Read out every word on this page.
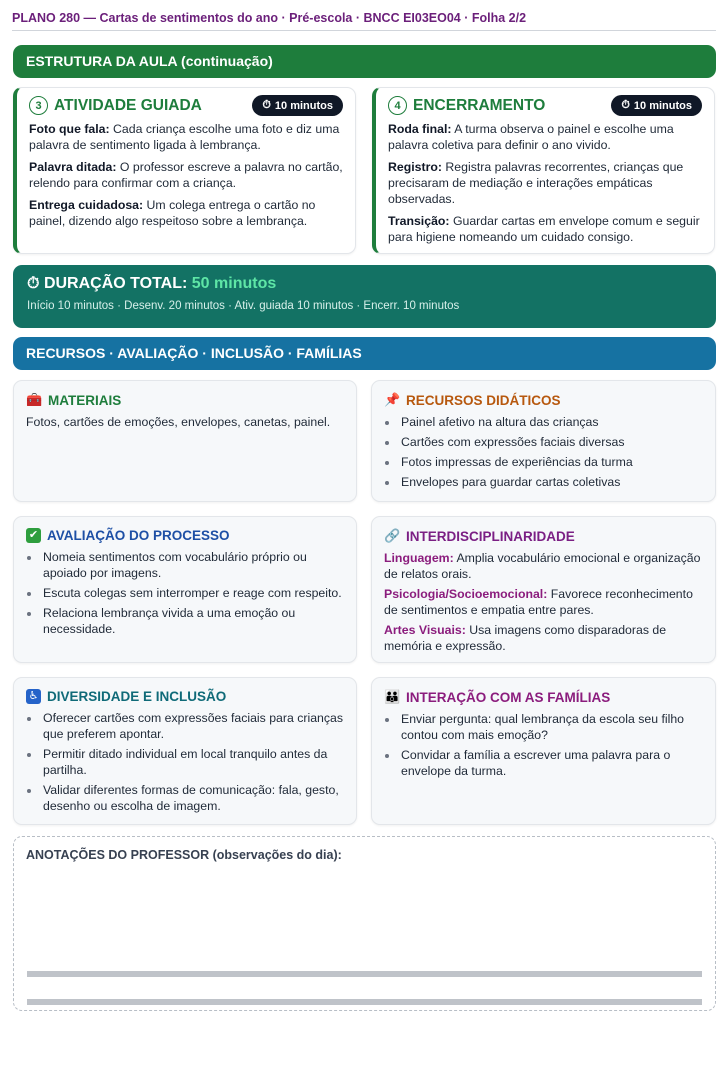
PLANO 280 — Cartas de sentimentos do ano · Pré-escola · BNCC EI03EO04 · Folha 2/2
ESTRUTURA DA AULA (continuação)
3 ATIVIDADE GUIADA	⏱ 10 minutos

Foto que fala: Cada criança escolhe uma foto e diz uma palavra de sentimento ligada à lembrança.

Palavra ditada: O professor escreve a palavra no cartão, relendo para confirmar com a criança.

Entrega cuidadosa: Um colega entrega o cartão no painel, dizendo algo respeitoso sobre a lembrança.

4 ENCERRAMENTO	⏱ 10 minutos

Roda final: A turma observa o painel e escolhe uma palavra coletiva para definir o ano vivido.

Registro: Registra palavras recorrentes, crianças que precisaram de mediação e interações empáticas observadas.

Transição: Guardar cartas em envelope comum e seguir para higiene nomeando um cuidado consigo.

⏱ DURAÇÃO TOTAL: 50 minutos
Início 10 minutos · Desenv. 20 minutos · Ativ. guiada 10 minutos · Encerr. 10 minutos
RECURSOS · AVALIAÇÃO · INCLUSÃO · FAMÍLIAS
🧰 MATERIAIS
Fotos, cartões de emoções, envelopes, canetas, painel.
📌 RECURSOS DIDÁTICOS
• Painel afetivo na altura das crianças
• Cartões com expressões faciais diversas
• Fotos impressas de experiências da turma
• Envelopes para guardar cartas coletivas
✔ AVALIAÇÃO DO PROCESSO
• Nomeia sentimentos com vocabulário próprio ou apoiado por imagens.
• Escuta colegas sem interromper e reage com respeito.
• Relaciona lembrança vivida a uma emoção ou necessidade.
🔗 INTERDISCIPLINARIDADE
Linguagem: Amplia vocabulário emocional e organização de relatos orais.
Psicologia/Socioemocional: Favorece reconhecimento de sentimentos e empatia entre pares.
Artes Visuais: Usa imagens como disparadoras de memória e expressão.
♿ DIVERSIDADE E INCLUSÃO
• Oferecer cartões com expressões faciais para crianças que preferem apontar.
• Permitir ditado individual em local tranquilo antes da partilha.
• Validar diferentes formas de comunicação: fala, gesto, desenho ou escolha de imagem.
👪 INTERAÇÃO COM AS FAMÍLIAS
• Enviar pergunta: qual lembrança da escola seu filho contou com mais emoção?
• Convidar a família a escrever uma palavra para o envelope da turma.
ANOTAÇÕES DO PROFESSOR (observações do dia):
